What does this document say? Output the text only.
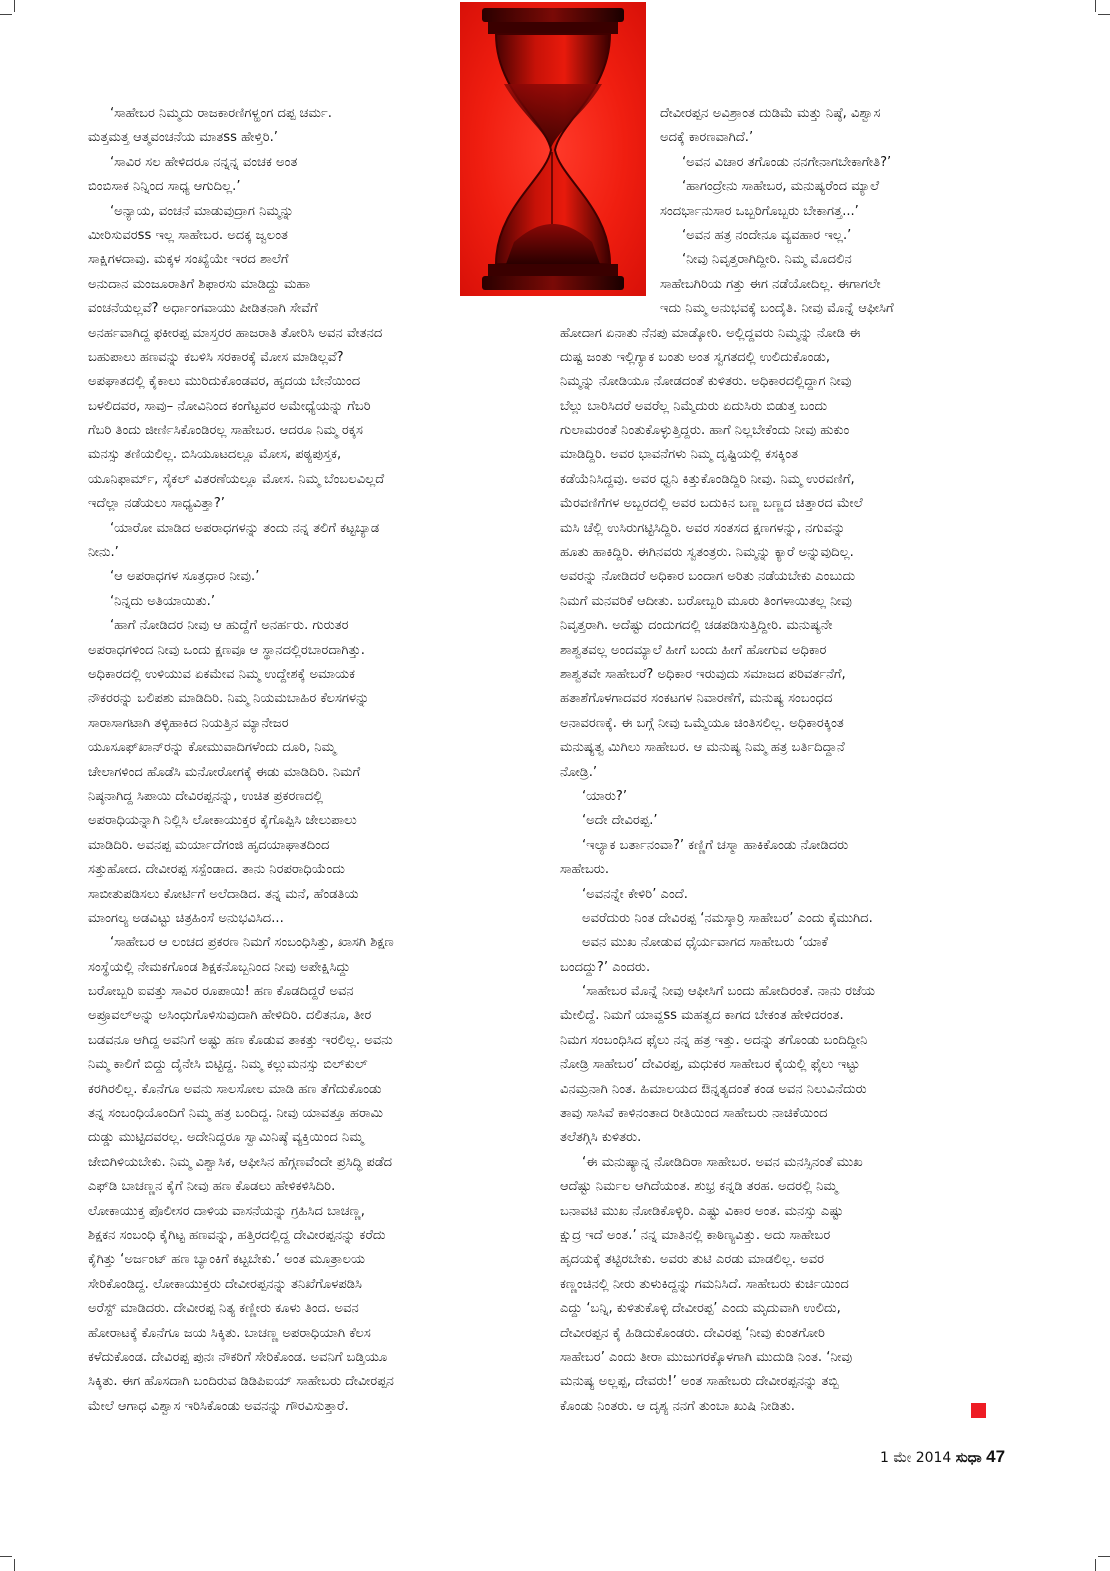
‘ಸಾಹೇಬರ ನಿಮ್ಮದು ರಾಜಕಾರಣಿಗಳ್ಹಂಗ ದಪ್ಪ ಚರ್ಮ.
ಮತ್ತಮತ್ತ ಆತ್ಮವಂಚನೆಯ ಮಾತss ಹೇಳ್ತಿರಿ.’
‘ಸಾವಿರ ಸಲ ಹೇಳಿದರೂ ನನ್ನನ್ನ ವಂಚಕ ಅಂತ
ಬಿಂಬಿಸಾಕ ನಿನ್ನಿಂದ ಸಾಧ್ಯ ಆಗುದಿಲ್ಲ.’
‘ಅನ್ಯಾಯ, ವಂಚನೆ ಮಾಡುವುದ್ರಾಗ ನಿಮ್ಮನ್ನು
ಮೀರಿಸುವರss ಇಲ್ಲ ಸಾಹೇಬರ. ಅದಕ್ಕ ಜ್ವಲಂತ
ಸಾಕ್ಷಿಗಳದಾವು. ಮಕ್ಕಳ ಸಂಖ್ಯೆಯೇ ಇರದ ಶಾಲೆಗೆ
ಅನುದಾನ ಮಂಜೂರಾತಿಗೆ ಶಿಫಾರಸು ಮಾಡಿದ್ದು ಮಹಾ
ವಂಚನೆಯಲ್ಲವೆ? ಅರ್ಧಾಂಗವಾಯು ಪೀಡಿತನಾಗಿ ಸೇವೆಗೆ
ಅನರ್ಹವಾಗಿದ್ದ ಫಕೀರಪ್ಪ ಮಾಸ್ತರರ ಹಾಜರಾತಿ ತೋರಿಸಿ ಅವನ ವೇತನದ
ಬಹುಪಾಲು ಹಣವನ್ನು ಕಬಳಿಸಿ ಸರಕಾರಕ್ಕೆ ಮೋಸ ಮಾಡಿಲ್ಲವೆ?
ಅಪಘಾತದಲ್ಲಿ ಕೈಕಾಲು ಮುರಿದುಕೊಂಡವರ, ಹೃದಯ ಬೇನೆಯಿಂದ
ಬಳಲಿದವರ, ಸಾವು– ನೋವಿನಿಂದ ಕಂಗೆಟ್ಟವರ ಅಮೇಧ್ಯೆಯನ್ನು ಗೆಬರಿ
ಗೆಬರಿ ತಿಂದು ಜೀರ್ಣಿಸಿಕೊಂಡಿರಲ್ಲ ಸಾಹೇಬರ. ಆದರೂ ನಿಮ್ಮ ರಕ್ಕಸ
ಮನಸ್ಸು ತಣಿಯಲಿಲ್ಲ. ಬಿಸಿಯೂಟದಲ್ಲೂ ಮೋಸ, ಪಠ್ಯಪುಸ್ತಕ,
ಯೂನಿಫಾರ್ಮ್, ಸೈಕಲ್ ವಿತರಣೆಯಲ್ಲೂ ಮೋಸ. ನಿಮ್ಮ ಬೆಂಬಲವಿಲ್ಲದೆ
ಇದೆಲ್ಲಾ ನಡೆಯಲು ಸಾಧ್ಯವಿತ್ತಾ?’
‘ಯಾರೋ ಮಾಡಿದ ಅಪರಾಧಗಳನ್ನು ತಂದು ನನ್ನ ತಲಿಗೆ ಕಟ್ಟಬ್ಯಾಡ
ನೀನು.’
‘ಆ ಅಪರಾಧಗಳ ಸೂತ್ರಧಾರ ನೀವು.’
‘ನಿನ್ನದು ಅತಿಯಾಯಿತು.’
‘ಹಾಗೆ ನೋಡಿದರ ನೀವು ಆ ಹುದ್ದೆಗೆ ಅನರ್ಹರು. ಗುರುತರ
ಅಪರಾಧಗಳಿಂದ ನೀವು ಒಂದು ಕ್ಷಣವೂ ಆ ಸ್ಥಾನದಲ್ಲಿರಬಾರದಾಗಿತ್ತು.
ಅಧಿಕಾರದಲ್ಲಿ ಉಳಿಯುವ ಏಕಮೇವ ನಿಮ್ಮ ಉದ್ದೇಶಕ್ಕೆ ಅಮಾಯಕ
ನೌಕರರನ್ನು ಬಲಿಪಶು ಮಾಡಿದಿರಿ. ನಿಮ್ಮ ನಿಯಮಬಾಹಿರ ಕೆಲಸಗಳನ್ನು
ಸಾರಾಸಾಗಟಾಗಿ ತಳ್ಳಿಹಾಕಿದ ನಿಯತ್ತಿನ ಮ್ಯಾನೇಜರ
ಯೂಸೂಫ್‌ಖಾನ್‌ರನ್ನು ಕೋಮುವಾದಿಗಳೆಂದು ದೂರಿ, ನಿಮ್ಮ
ಚೇಲಾಗಳಿಂದ ಹೊಡೆಸಿ ಮನೋರೋಗಕ್ಕೆ ಈಡು ಮಾಡಿದಿರಿ. ನಿಮಗೆ
ನಿಷ್ಠನಾಗಿದ್ದ ಸಿಪಾಯಿ ದೇವಿರಪ್ಪನನ್ನು, ಉಚಿತ ಪ್ರಕರಣದಲ್ಲಿ
ಅಪರಾಧಿಯನ್ನಾಗಿ ನಿಲ್ಲಿಸಿ ಲೋಕಾಯುಕ್ತರ ಕೈಗೊಪ್ಪಿಸಿ ಜೇಲುಪಾಲು
ಮಾಡಿದಿರಿ. ಅವನಪ್ಪ ಮರ್ಯಾದೆಗಂಜಿ ಹೃದಯಾಘಾತದಿಂದ
ಸತ್ತುಹೋದ. ದೇವೀರಪ್ಪ ಸಸ್ಪೆಂಡಾದ. ತಾನು ನಿರಪರಾಧಿಯೆಂದು
ಸಾಬೀತುಪಡಿಸಲು ಕೋರ್ಟಿಗೆ ಅಲೆದಾಡಿದ. ತನ್ನ ಮನೆ, ಹೆಂಡತಿಯ
ಮಾಂಗಲ್ಯ ಅಡವಿಟ್ಟು ಚಿತ್ರಹಿಂಸೆ ಅನುಭವಿಸಿದ...
‘ಸಾಹೇಬರ ಆ ಲಂಚದ ಪ್ರಕರಣ ನಿಮಗೆ ಸಂಬಂಧಿಸಿತ್ತು, ಖಾಸಗಿ ಶಿಕ್ಷಣ
ಸಂಸ್ಥೆಯಲ್ಲಿ ನೇಮಕಗೊಂಡ ಶಿಕ್ಷಕನೊಬ್ಬನಿಂದ ನೀವು ಅಪೇಕ್ಷಿಸಿದ್ದು
ಬರೋಬ್ಬರಿ ಐವತ್ತು ಸಾವಿರ ರೂಪಾಯಿ! ಹಣ ಕೊಡದಿದ್ದರೆ ಅವನ
ಅಪ್ರೂವಲ್‌ಅನ್ನು ಅಸಿಂಧುಗೊಳಿಸುವುದಾಗಿ ಹೇಳಿದಿರಿ. ದಲಿತನೂ, ತೀರ
ಬಡವನೂ ಆಗಿದ್ದ ಅವನಿಗೆ ಅಷ್ಟು ಹಣ ಕೊಡುವ ತಾಕತ್ತು ಇರಲಿಲ್ಲ. ಅವನು
ನಿಮ್ಮ ಕಾಲಿಗೆ ಬಿದ್ದು ದೈನೇಸಿ ಬಿಟ್ಟಿದ್ದ. ನಿಮ್ಮ ಕಲ್ಲುಮನಸ್ಸು ಬಿಲ್‌ಕುಲ್
ಕರಗಿರಲಿಲ್ಲ. ಕೊನೆಗೂ ಅವನು ಸಾಲಸೋಲ ಮಾಡಿ ಹಣ ತೆಗೆದುಕೊಂಡು
ತನ್ನ ಸಂಬಂಧಿಯೊಂದಿಗೆ ನಿಮ್ಮ ಹತ್ರ ಬಂದಿದ್ದ. ನೀವು ಯಾವತ್ತೂ ಹರಾಮಿ
ದುಡ್ಡು ಮುಟ್ಟಿದವರಲ್ಲ. ಅದೇನಿದ್ದರೂ ಸ್ವಾಮಿನಿಷ್ಠೆ ವ್ಯಕ್ತಿಯಿಂದ ನಿಮ್ಮ
ಜೇಬಿಗಿಳಿಯಬೇಕು. ನಿಮ್ಮ ವಿಶ್ವಾಸಿಕ, ಆಫೀಸಿನ ಹೆಗ್ಗಣವೆಂದೇ ಪ್ರಸಿದ್ಧಿ ಪಡೆದ
ಎಫ್‌ಡಿ ಬಾಚಣ್ಣನ ಕೈಗೆ ನೀವು ಹಣ ಕೊಡಲು ಹೇಳಿಕಳಿಸಿದಿರಿ.
ಲೋಕಾಯುಕ್ತ ಪೊಲೀಸರ ದಾಳಿಯ ವಾಸನೆಯನ್ನು ಗ್ರಹಿಸಿದ ಬಾಚಣ್ಣ,
ಶಿಕ್ಷಕನ ಸಂಬಂಧಿ ಕೈಗಿಟ್ಟ ಹಣವನ್ನು, ಹತ್ತಿರದಲ್ಲಿದ್ದ ದೇವೀರಪ್ಪನನ್ನು ಕರೆದು
ಕೈಗಿತ್ತು ‘ಅರ್ಜಂಟ್ ಹಣ ಬ್ಯಾಂಕಿಗೆ ಕಟ್ಟಬೇಕು.’ ಅಂತ ಮೂತ್ರಾಲಯ
ಸೇರಿಕೊಂಡಿದ್ದ. ಲೋಕಾಯುಕ್ತರು ದೇವೀರಪ್ಪನನ್ನು ತನಿಖೆಗೊಳಪಡಿಸಿ
ಅರೆಸ್ಟ್ ಮಾಡಿದರು. ದೇವೀರಪ್ಪ ನಿತ್ಯ ಕಣ್ಣೀರು ಕೂಳು ತಿಂದ. ಅವನ
ಹೋರಾಟಕ್ಕೆ ಕೊನೆಗೂ ಜಯ ಸಿಕ್ಕಿತು. ಬಾಚಣ್ಣ ಅಪರಾಧಿಯಾಗಿ ಕೆಲಸ
ಕಳೆದುಕೊಂಡ. ದೇವಿರಪ್ಪ ಪುನಃ ನೌಕರಿಗೆ ಸೇರಿಕೊಂಡ. ಅವನಿಗೆ ಬಡ್ತಿಯೂ
ಸಿಕ್ಕಿತು. ಈಗ ಹೊಸದಾಗಿ ಬಂದಿರುವ ಡಿಡಿಪಿಐಯ್ ಸಾಹೇಬರು ದೇವೀರಪ್ಪನ
ಮೇಲೆ ಆಗಾಧ ವಿಶ್ವಾಸ ಇರಿಸಿಕೊಂಡು ಅವನನ್ನು ಗೌರವಿಸುತ್ತಾರೆ.
ದೇವೀರಪ್ಪನ ಅವಿಶ್ರಾಂತ ದುಡಿಮೆ ಮತ್ತು ನಿಷ್ಠೆ, ವಿಶ್ವಾಸ
ಅದಕ್ಕೆ ಕಾರಣವಾಗಿದೆ.’
‘ಅವನ ವಿಚಾರ ತಗೊಂಡು ನನಗೇನಾಗಬೇಕಾಗೇತಿ?’
‘ಹಾಗಂದ್ರೇನು ಸಾಹೇಬರ, ಮನುಷ್ಯರೆಂದ ಮ್ಯಾಲೆ
ಸಂದರ್ಭಾನುಸಾರ ಒಬ್ಬರಿಗೊಬ್ಬರು ಬೇಕಾಗತ್ತ...’
‘ಅವನ ಹತ್ರ ನಂದೇನೂ ವ್ಯವಹಾರ ಇಲ್ಲ.’
‘ನೀವು ನಿವೃತ್ತರಾಗಿದ್ದೀರಿ. ನಿಮ್ಮ ಮೊದಲಿನ
ಸಾಹೇಬಗಿರಿಯ ಗತ್ತು ಈಗ ನಡೆಯೋದಿಲ್ಲ. ಈಗಾಗಲೇ
ಇದು ನಿಮ್ಮ ಅನುಭವಕ್ಕೆ ಬಂದೈತಿ. ನೀವು ಮೊನ್ನೆ ಆಫೀಸಿಗೆ
ಹೋದಾಗ ಏನಾತು ನೆನಪು ಮಾಡ್ಕೋರಿ. ಅಲ್ಲಿದ್ದವರು ನಿಮ್ಮನ್ನು ನೋಡಿ ಈ
ದುಷ್ಟ ಜಂತು ಇಲ್ಲಿಗ್ಯಾಕ ಬಂತು ಅಂತ ಸ್ವಗತದಲ್ಲಿ ಉಲಿದುಕೊಂಡು,
ನಿಮ್ಮನ್ನು ನೋಡಿಯೂ ನೋಡದಂತೆ ಕುಳಿತರು. ಅಧಿಕಾರದಲ್ಲಿದ್ದಾಗ ನೀವು
ಬೆಲ್ಲು ಬಾರಿಸಿದರೆ ಅವರೆಲ್ಲ ನಿಮ್ಮೆದುರು ಏದುಸಿರು ಬಿಡುತ್ತ ಬಂದು
ಗುಲಾಮರಂತೆ ನಿಂತುಕೊಳ್ಳುತ್ತಿದ್ದರು. ಹಾಗೆ ನಿಲ್ಲಬೇಕೆಂದು ನೀವು ಹುಕುಂ
ಮಾಡಿದ್ದಿರಿ. ಅವರ ಭಾವನೆಗಳು ನಿಮ್ಮ ದೃಷ್ಟಿಯಲ್ಲಿ ಕಸಕ್ಕಿಂತ
ಕಡೆಯೆನಿಸಿದ್ದವು. ಅವರ ಧ್ವನಿ ಕಿತ್ತುಕೊಂಡಿದ್ದಿರಿ ನೀವು. ನಿಮ್ಮ ಉರವಣಿಗೆ,
ಮೆರವಣಿಗೆಗಳ ಅಬ್ಬರದಲ್ಲಿ ಅವರ ಬದುಕಿನ ಬಣ್ಣ ಬಣ್ಣದ ಚಿತ್ತಾರದ ಮೇಲೆ
ಮಸಿ ಚೆಲ್ಲಿ ಉಸಿರುಗಟ್ಟಿಸಿದ್ದಿರಿ. ಅವರ ಸಂತಸದ ಕ್ಷಣಗಳನ್ನು, ನಗುವನ್ನು
ಹೂತು ಹಾಕಿದ್ದಿರಿ. ಈಗಿನವರು ಸ್ವತಂತ್ರರು. ನಿಮ್ಮನ್ನು ಕ್ಯಾರೆ ಅನ್ನುವುದಿಲ್ಲ.
ಅವರನ್ನು ನೋಡಿದರೆ ಅಧಿಕಾರ ಬಂದಾಗ ಅರಿತು ನಡೆಯಬೇಕು ಎಂಬುದು
ನಿಮಗೆ ಮನವರಿಕೆ ಆದೀತು. ಬರೋಬ್ಬರಿ ಮೂರು ತಿಂಗಳಾಯಿತಲ್ಲ ನೀವು
ನಿವೃತ್ತರಾಗಿ. ಅದೆಷ್ಟು ದಂದುಗದಲ್ಲಿ ಚಡಪಡಿಸುತ್ತಿದ್ದೀರಿ. ಮನುಷ್ಯನೇ
ಶಾಶ್ವತವಲ್ಲ ಅಂದಮ್ಯಾಲೆ ಹೀಗೆ ಬಂದು ಹೀಗೆ ಹೋಗುವ ಅಧಿಕಾರ
ಶಾಶ್ವತವೇ ಸಾಹೇಬರೆ? ಅಧಿಕಾರ ಇರುವುದು ಸಮಾಜದ ಪರಿವರ್ತನೆಗೆ,
ಹತಾಶೆಗೊಳಗಾದವರ ಸಂಕಟಗಳ ನಿವಾರಣೆಗೆ, ಮನುಷ್ಯ ಸಂಬಂಧದ
ಅನಾವರಣಕ್ಕೆ. ಈ ಬಗ್ಗೆ ನೀವು ಒಮ್ಮೆಯೂ ಚಿಂತಿಸಲಿಲ್ಲ. ಅಧಿಕಾರಕ್ಕಿಂತ
ಮನುಷ್ಯತ್ವ ಮಿಗಿಲು ಸಾಹೇಬರ. ಆ ಮನುಷ್ಯ ನಿಮ್ಮ ಹತ್ರ ಬರ್ತಿದಿದ್ದಾನೆ
ನೋಡ್ರಿ.’
‘ಯಾರು?’
‘ಅದೇ ದೇವಿರಪ್ಪ.’
‘ಇಲ್ಯಾಕ ಬರ್ತಾನಂವಾ?’ ಕಣ್ಣಿಗೆ ಚಸ್ಮಾ ಹಾಕಿಕೊಂಡು ನೋಡಿದರು
ಸಾಹೇಬರು.
‘ಅವನನ್ನೇ ಕೇಳಿರಿ’ ಎಂದೆ.
ಅವರೆದುರು ನಿಂತ ದೇವಿರಪ್ಪ ‘ನಮಸ್ಕಾರ್ರಿ ಸಾಹೇಬರ’ ಎಂದು ಕೈಮುಗಿದ.
ಅವನ ಮುಖ ನೋಡುವ ಧೈರ್ಯವಾಗದ ಸಾಹೇಬರು ‘ಯಾಕೆ
ಬಂದದ್ದು?’ ಎಂದರು.
‘ಸಾಹೇಬರ ಮೊನ್ನೆ ನೀವು ಆಫೀಸಿಗೆ ಬಂದು ಹೋದಿರಂತೆ. ನಾನು ರಜೆಯ
ಮೇಲಿದ್ದೆ. ನಿಮಗೆ ಯಾವ್ದss ಮಹತ್ವದ ಕಾಗದ ಬೇಕಂತ ಹೇಳಿದರಂತ.
ನಿಮಗ ಸಂಬಂಧಿಸಿದ ಫೈಲು ನನ್ನ ಹತ್ರ ಇತ್ತು. ಅದನ್ನು ತಗೊಂಡು ಬಂದಿದ್ದೀನಿ
ನೋಡ್ರಿ ಸಾಹೇಬರ’ ದೇವಿರಪ್ಪ, ಮಧುಕರ ಸಾಹೇಬರ ಕೈಯಲ್ಲಿ ಫೈಲು ಇಟ್ಟು
ವಿನಮ್ರನಾಗಿ ನಿಂತ. ಹಿಮಾಲಯದ ಔನ್ನತ್ಯದಂತೆ ಕಂಡ ಅವನ ನಿಲುವಿನೆದುರು
ತಾವು ಸಾಸಿವೆ ಕಾಳಿನಂತಾದ ರೀತಿಯಿಂದ ಸಾಹೇಬರು ನಾಚಿಕೆಯಿಂದ
ತಲೆತಗ್ಗಿಸಿ ಕುಳಿತರು.
‘ಈ ಮನುಷ್ಯಾನ್ನ ನೋಡಿದಿರಾ ಸಾಹೇಬರ. ಅವನ ಮನಸ್ಸಿನಂತೆ ಮುಖ
ಆದೆಷ್ಟು ನಿರ್ಮಲ ಆಗಿದೆಯಂತ. ಶುಭ್ರ ಕನ್ನಡಿ ತರಹ. ಅದರಲ್ಲಿ ನಿಮ್ಮ
ಬನಾವಟಿ ಮುಖ ನೋಡಿಕೊಳ್ಳಿರಿ. ಎಷ್ಟು ವಿಕಾರ ಅಂತ. ಮನಸ್ಸು ಎಷ್ಟು
ಕ್ಷುದ್ರ ಇದೆ ಅಂತ.’ ನನ್ನ ಮಾತಿನಲ್ಲಿ ಕಾಠಿಣ್ಯವಿತ್ತು. ಅದು ಸಾಹೇಬರ
ಹೃದಯಕ್ಕೆ ತಟ್ಟಿರಬೇಕು. ಅವರು ತುಟಿ ಎರಡು ಮಾಡಲಿಲ್ಲ. ಅವರ
ಕಣ್ಣಂಚಿನಲ್ಲಿ ನೀರು ತುಳುಕಿದ್ದನ್ನು ಗಮನಿಸಿದೆ. ಸಾಹೇಬರು ಕುರ್ಚಿಯಿಂದ
ಎದ್ದು ‘ಬನ್ನಿ, ಕುಳಿತುಕೊಳ್ಳಿ ದೇವೀರಪ್ಪ’ ಎಂದು ಮೃದುವಾಗಿ ಉಲಿದು,
ದೇವೀರಪ್ಪನ ಕೈ ಹಿಡಿದುಕೊಂಡರು. ದೇವಿರಪ್ಪ ‘ನೀವು ಕುಂತಗೋರಿ
ಸಾಹೇಬರ’ ಎಂದು ತೀರಾ ಮುಜುಗರಕ್ಕೊಳಗಾಗಿ ಮುದುಡಿ ನಿಂತ. ‘ನೀವು
ಮನುಷ್ಯ ಅಲ್ಲಪ್ಪ, ದೇವರು!’ ಅಂತ ಸಾಹೇಬರು ದೇವೀರಪ್ಪನನ್ನು ತಬ್ಬಿ
ಕೊಂಡು ನಿಂತರು. ಆ ದೃಶ್ಯ ನನಗೆ ತುಂಬಾ ಖುಷಿ ನೀಡಿತು.
1 ಮೇ 2014 ಸುಧಾ 47
